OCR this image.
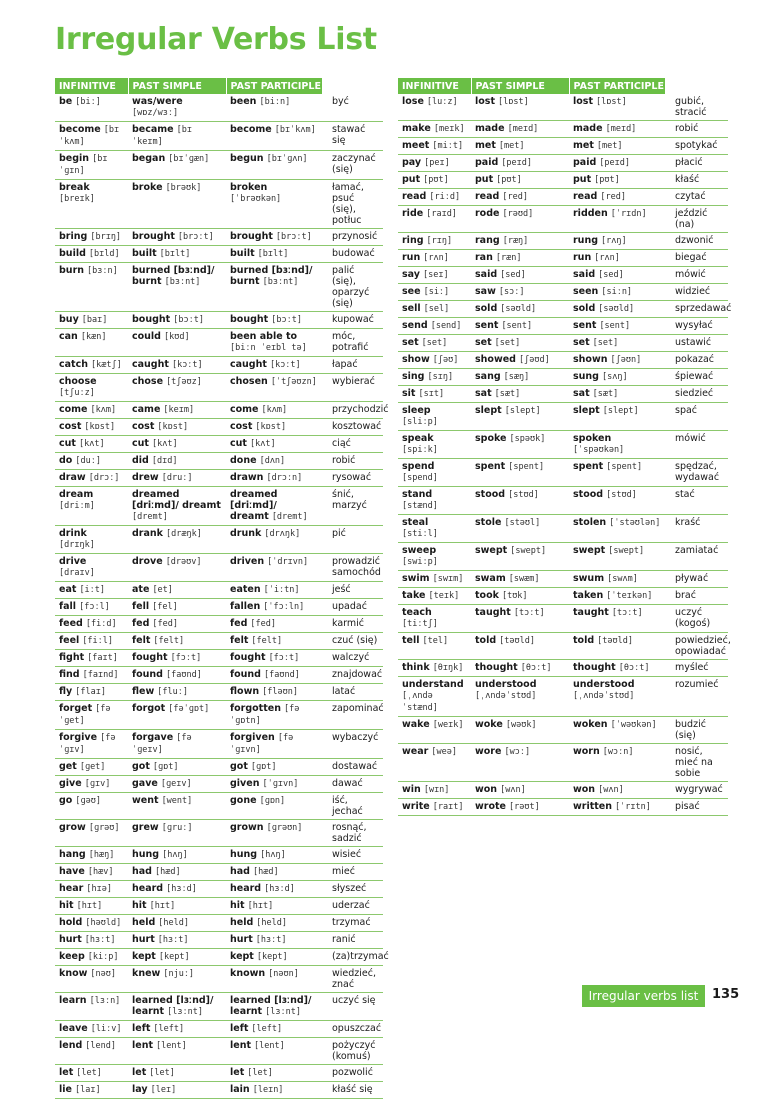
Irregular Verbs List
INFINITIVE	PAST SIMPLE	PAST PARTICIPLE	
be [biː]	was/were [wɒz/wɜː]	been [biːn]	być
become [bɪˈkʌm]	became [bɪˈkeɪm]	become [bɪˈkʌm]	stawać się
begin [bɪˈɡɪn]	began [bɪˈɡæn]	begun [bɪˈɡʌn]	zaczynać (się)
break [breɪk]	broke [brəʊk]	broken [ˈbrəʊkən]	łamać, psuć (się), potłuc
bring [brɪŋ]	brought [brɔːt]	brought [brɔːt]	przynosić
build [bɪld]	built [bɪlt]	built [bɪlt]	budować
burn [bɜːn]	burned [bɜːnd]/ burnt [bɜːnt]	burned [bɜːnd]/ burnt [bɜːnt]	palić (się), oparzyć (się)
buy [baɪ]	bought [bɔːt]	bought [bɔːt]	kupować
can [kæn]	could [kʊd]	been able to [biːn ˈeɪbl tə]	móc, potrafić
catch [kætʃ]	caught [kɔːt]	caught [kɔːt]	łapać
choose [tʃuːz]	chose [tʃəʊz]	chosen [ˈtʃəʊzn]	wybierać
come [kʌm]	came [keɪm]	come [kʌm]	przychodzić
cost [kɒst]	cost [kɒst]	cost [kɒst]	kosztować
cut [kʌt]	cut [kʌt]	cut [kʌt]	ciąć
do [duː]	did [dɪd]	done [dʌn]	robić
draw [drɔː]	drew [druː]	drawn [drɔːn]	rysować
dream [driːm]	dreamed [driːmd]/ dreamt [dremt]	dreamed [driːmd]/ dreamt [dremt]	śnić, marzyć
drink [drɪŋk]	drank [dræŋk]	drunk [drʌŋk]	pić
drive [draɪv]	drove [drəʊv]	driven [ˈdrɪvn]	prowadzić samochód
eat [iːt]	ate [et]	eaten [ˈiːtn]	jeść
fall [fɔːl]	fell [fel]	fallen [ˈfɔːln]	upadać
feed [fiːd]	fed [fed]	fed [fed]	karmić
feel [fiːl]	felt [felt]	felt [felt]	czuć (się)
fight [faɪt]	fought [fɔːt]	fought [fɔːt]	walczyć
find [faɪnd]	found [faʊnd]	found [faʊnd]	znajdować
fly [flaɪ]	flew [fluː]	flown [fləʊn]	latać
forget [fəˈɡet]	forgot [fəˈɡɒt]	forgotten [fəˈɡɒtn]	zapominać
forgive [fəˈɡɪv]	forgave [fəˈɡeɪv]	forgiven [fəˈɡɪvn]	wybaczyć
get [ɡet]	got [ɡɒt]	got [ɡɒt]	dostawać
give [ɡɪv]	gave [ɡeɪv]	given [ˈɡɪvn]	dawać
go [ɡəʊ]	went [went]	gone [ɡɒn]	iść, jechać
grow [ɡrəʊ]	grew [ɡruː]	grown [ɡrəʊn]	rosnąć, sadzić
hang [hæŋ]	hung [hʌŋ]	hung [hʌŋ]	wisieć
have [hæv]	had [hæd]	had [hæd]	mieć
hear [hɪə]	heard [hɜːd]	heard [hɜːd]	słyszeć
hit [hɪt]	hit [hɪt]	hit [hɪt]	uderzać
hold [həʊld]	held [held]	held [held]	trzymać
hurt [hɜːt]	hurt [hɜːt]	hurt [hɜːt]	ranić
keep [kiːp]	kept [kept]	kept [kept]	(za)trzymać
know [nəʊ]	knew [njuː]	known [nəʊn]	wiedzieć, znać
learn [lɜːn]	learned [lɜːnd]/ learnt [lɜːnt]	learned [lɜːnd]/ learnt [lɜːnt]	uczyć się
leave [liːv]	left [left]	left [left]	opuszczać
lend [lend]	lent [lent]	lent [lent]	pożyczyć (komuś)
let [let]	let [let]	let [let]	pozwolić
lie [laɪ]	lay [leɪ]	lain [leɪn]	kłaść się
INFINITIVE	PAST SIMPLE	PAST PARTICIPLE	
lose [luːz]	lost [lɒst]	lost [lɒst]	gubić, stracić
make [meɪk]	made [meɪd]	made [meɪd]	robić
meet [miːt]	met [met]	met [met]	spotykać
pay [peɪ]	paid [peɪd]	paid [peɪd]	płacić
put [pʊt]	put [pʊt]	put [pʊt]	kłaść
read [riːd]	read [red]	read [red]	czytać
ride [raɪd]	rode [rəʊd]	ridden [ˈrɪdn]	jeździć (na)
ring [rɪŋ]	rang [ræŋ]	rung [rʌŋ]	dzwonić
run [rʌn]	ran [ræn]	run [rʌn]	biegać
say [seɪ]	said [sed]	said [sed]	mówić
see [siː]	saw [sɔː]	seen [siːn]	widzieć
sell [sel]	sold [səʊld]	sold [səʊld]	sprzedawać
send [send]	sent [sent]	sent [sent]	wysyłać
set [set]	set [set]	set [set]	ustawić
show [ʃəʊ]	showed [ʃəʊd]	shown [ʃəʊn]	pokazać
sing [sɪŋ]	sang [sæŋ]	sung [sʌŋ]	śpiewać
sit [sɪt]	sat [sæt]	sat [sæt]	siedzieć
sleep [sliːp]	slept [slept]	slept [slept]	spać
speak [spiːk]	spoke [spəʊk]	spoken [ˈspəʊkən]	mówić
spend [spend]	spent [spent]	spent [spent]	spędzać, wydawać
stand [stænd]	stood [stʊd]	stood [stʊd]	stać
steal [stiːl]	stole [stəʊl]	stolen [ˈstəʊlən]	kraść
sweep [swiːp]	swept [swept]	swept [swept]	zamiatać
swim [swɪm]	swam [swæm]	swum [swʌm]	pływać
take [teɪk]	took [tʊk]	taken [ˈteɪkən]	brać
teach [tiːtʃ]	taught [tɔːt]	taught [tɔːt]	uczyć (kogoś)
tell [tel]	told [təʊld]	told [təʊld]	powiedzieć, opowiadać
think [θɪŋk]	thought [θɔːt]	thought [θɔːt]	myśleć
understand [ˌʌndəˈstænd]	understood [ˌʌndəˈstʊd]	understood [ˌʌndəˈstʊd]	rozumieć
wake [weɪk]	woke [wəʊk]	woken [ˈwəʊkən]	budzić (się)
wear [weə]	wore [wɔː]	worn [wɔːn]	nosić, mieć na sobie
win [wɪn]	won [wʌn]	won [wʌn]	wygrywać
write [raɪt]	wrote [rəʊt]	written [ˈrɪtn]	pisać
Irregular verbs list	135
